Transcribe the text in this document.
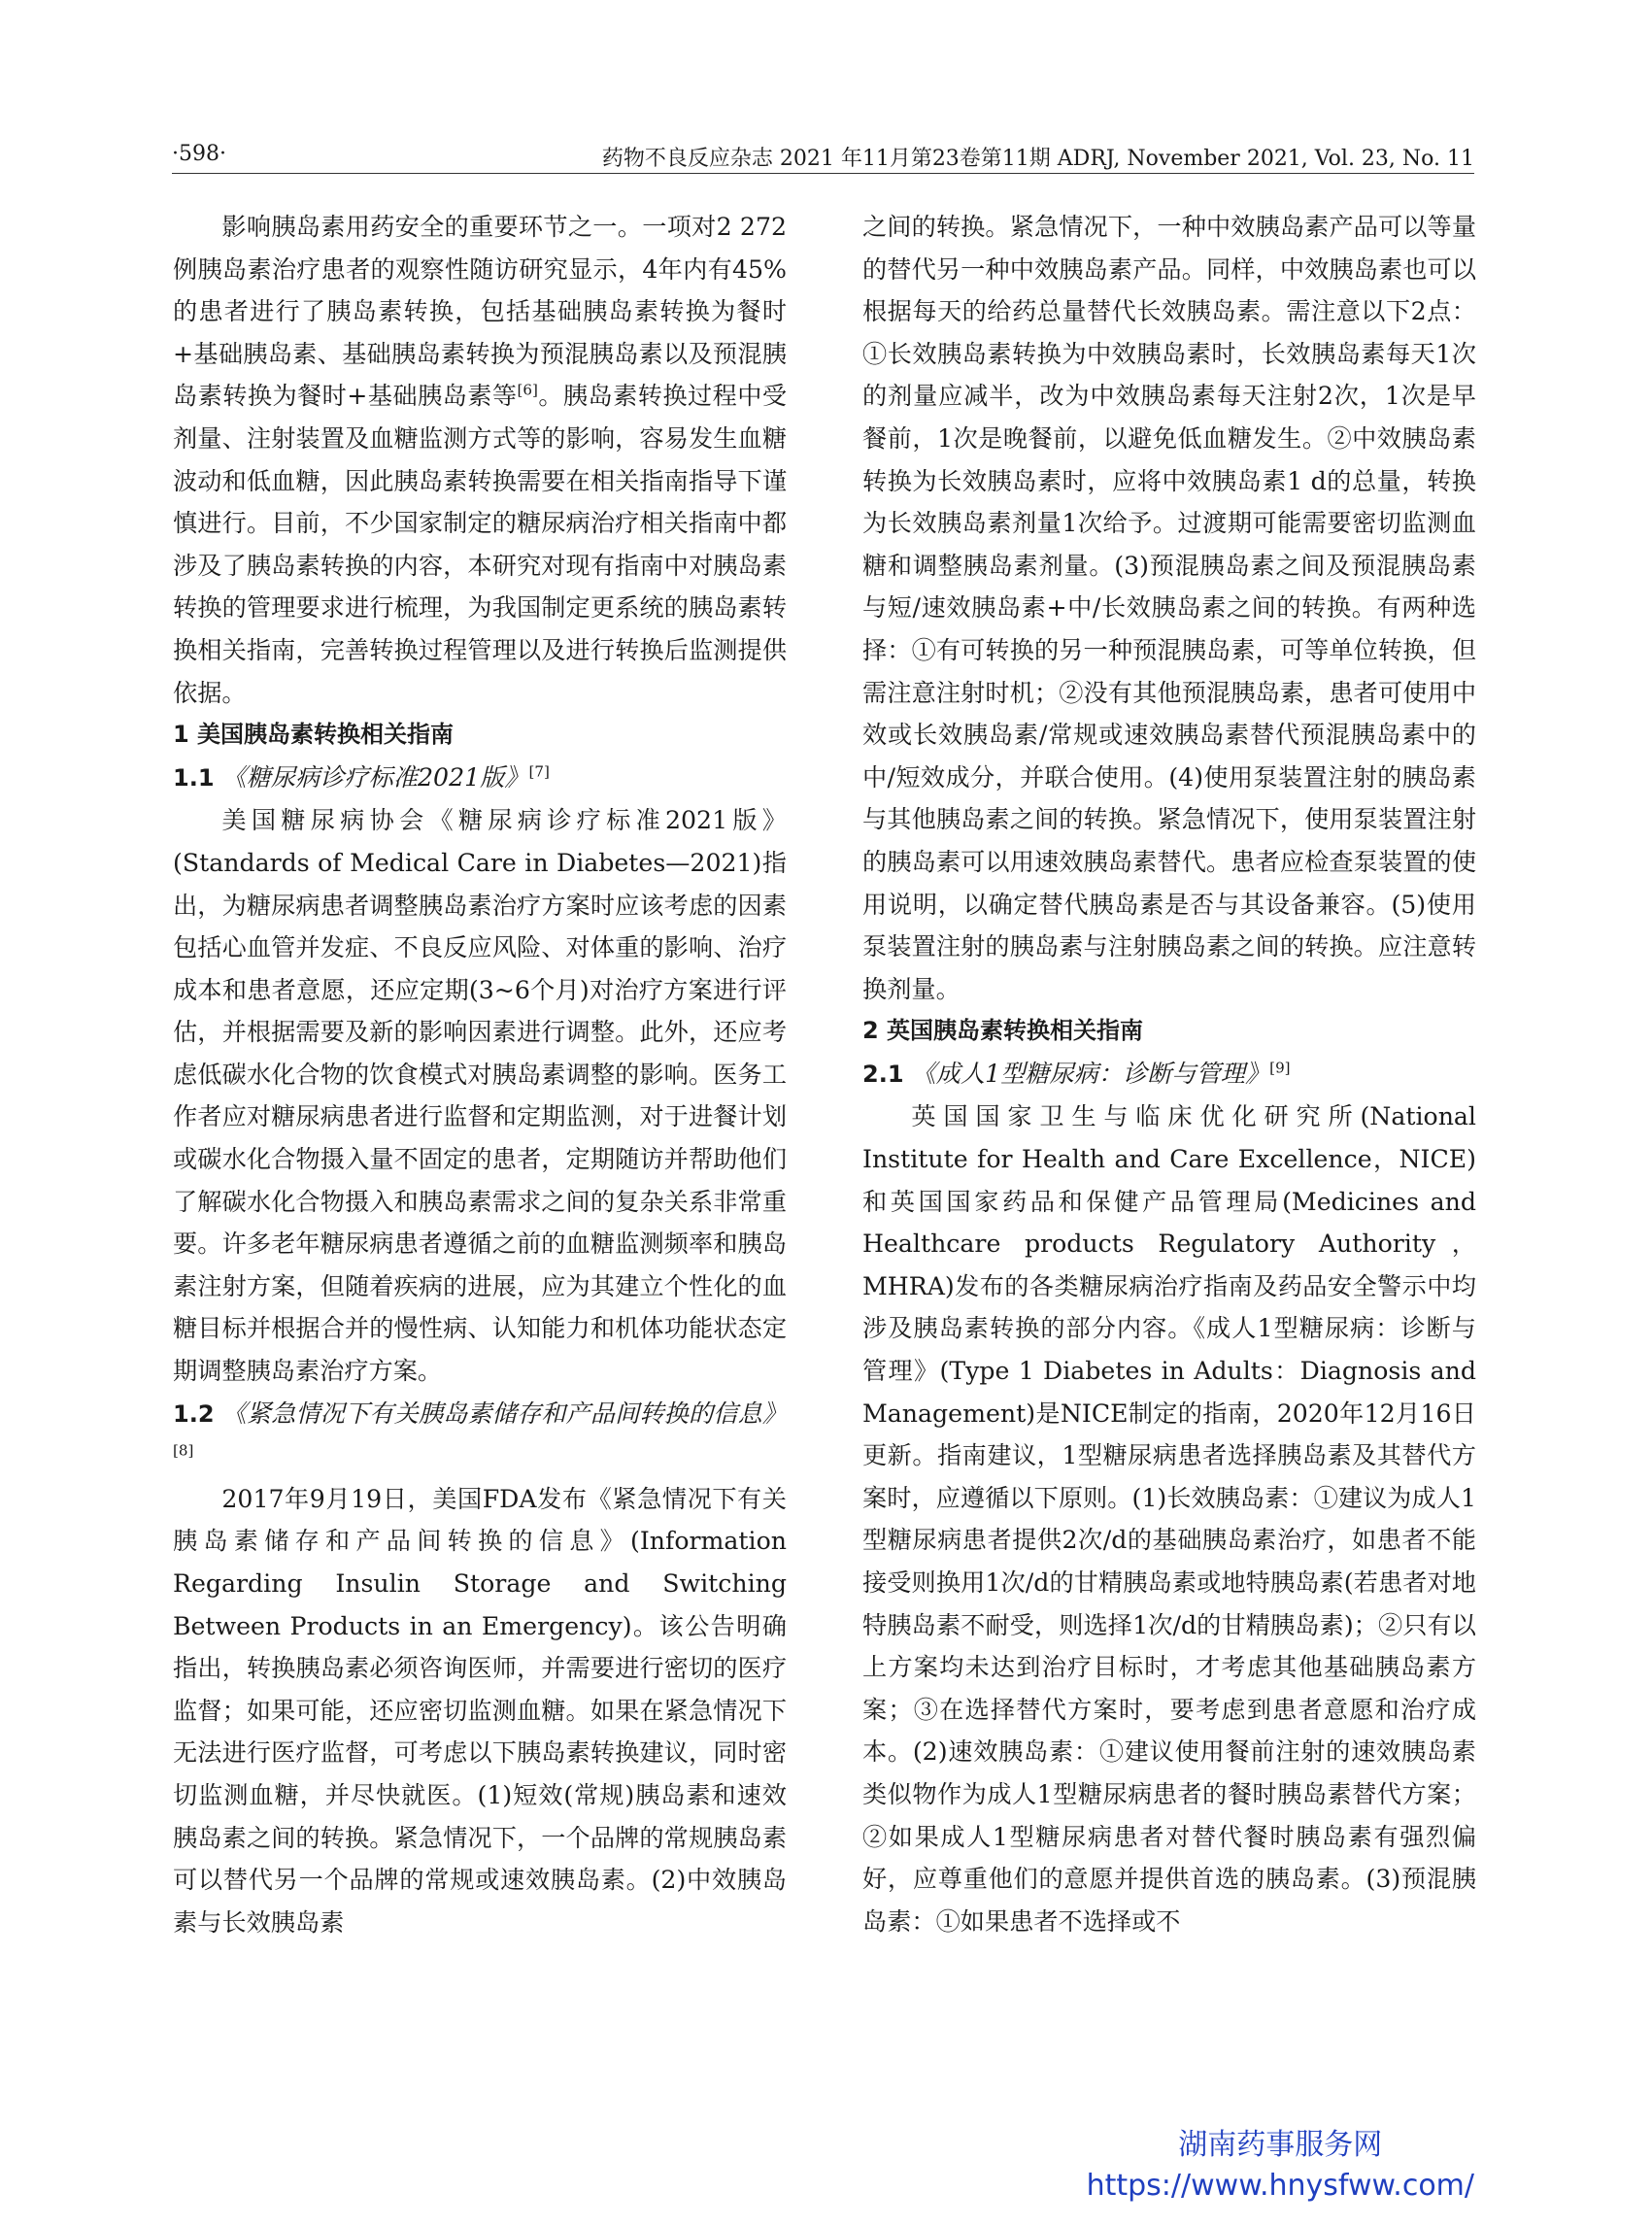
·598·	药物不良反应杂志 2021 年11月第23卷第11期 ADRJ, November 2021, Vol. 23, No. 11

影响胰岛素用药安全的重要环节之一。一项对2 272例胰岛素治疗患者的观察性随访研究显示，4年内有45%的患者进行了胰岛素转换，包括基础胰岛素转换为餐时+基础胰岛素、基础胰岛素转换为预混胰岛素以及预混胰岛素转换为餐时+基础胰岛素等[6]。胰岛素转换过程中受剂量、注射装置及血糖监测方式等的影响，容易发生血糖波动和低血糖，因此胰岛素转换需要在相关指南指导下谨慎进行。目前，不少国家制定的糖尿病治疗相关指南中都涉及了胰岛素转换的内容，本研究对现有指南中对胰岛素转换的管理要求进行梳理，为我国制定更系统的胰岛素转换相关指南，完善转换过程管理以及进行转换后监测提供依据。

1 美国胰岛素转换相关指南

1.1 《糖尿病诊疗标准2021版》[7]

美国糖尿病协会《糖尿病诊疗标准2021版》(Standards of Medical Care in Diabetes—2021)指出，为糖尿病患者调整胰岛素治疗方案时应该考虑的因素包括心血管并发症、不良反应风险、对体重的影响、治疗成本和患者意愿，还应定期(3~6个月)对治疗方案进行评估，并根据需要及新的影响因素进行调整。此外，还应考虑低碳水化合物的饮食模式对胰岛素调整的影响。医务工作者应对糖尿病患者进行监督和定期监测，对于进餐计划或碳水化合物摄入量不固定的患者，定期随访并帮助他们了解碳水化合物摄入和胰岛素需求之间的复杂关系非常重要。许多老年糖尿病患者遵循之前的血糖监测频率和胰岛素注射方案，但随着疾病的进展，应为其建立个性化的血糖目标并根据合并的慢性病、认知能力和机体功能状态定期调整胰岛素治疗方案。

1.2 《紧急情况下有关胰岛素储存和产品间转换的信息》[8]

2017年9月19日，美国FDA发布《紧急情况下有关胰岛素储存和产品间转换的信息》(Information Regarding Insulin Storage and Switching Between Products in an Emergency)。该公告明确指出，转换胰岛素必须咨询医师，并需要进行密切的医疗监督；如果可能，还应密切监测血糖。如果在紧急情况下无法进行医疗监督，可考虑以下胰岛素转换建议，同时密切监测血糖，并尽快就医。(1)短效(常规)胰岛素和速效胰岛素之间的转换。紧急情况下，一个品牌的常规胰岛素可以替代另一个品牌的常规或速效胰岛素。(2)中效胰岛素与长效胰岛素

之间的转换。紧急情况下，一种中效胰岛素产品可以等量的替代另一种中效胰岛素产品。同样，中效胰岛素也可以根据每天的给药总量替代长效胰岛素。需注意以下2点：①长效胰岛素转换为中效胰岛素时，长效胰岛素每天1次的剂量应减半，改为中效胰岛素每天注射2次，1次是早餐前，1次是晚餐前，以避免低血糖发生。②中效胰岛素转换为长效胰岛素时，应将中效胰岛素1 d的总量，转换为长效胰岛素剂量1次给予。过渡期可能需要密切监测血糖和调整胰岛素剂量。(3)预混胰岛素之间及预混胰岛素与短/速效胰岛素+中/长效胰岛素之间的转换。有两种选择：①有可转换的另一种预混胰岛素，可等单位转换，但需注意注射时机；②没有其他预混胰岛素，患者可使用中效或长效胰岛素/常规或速效胰岛素替代预混胰岛素中的中/短效成分，并联合使用。(4)使用泵装置注射的胰岛素与其他胰岛素之间的转换。紧急情况下，使用泵装置注射的胰岛素可以用速效胰岛素替代。患者应检查泵装置的使用说明，以确定替代胰岛素是否与其设备兼容。(5)使用泵装置注射的胰岛素与注射胰岛素之间的转换。应注意转换剂量。

2 英国胰岛素转换相关指南

2.1 《成人1型糖尿病：诊断与管理》[9]

英国国家卫生与临床优化研究所(National Institute for Health and Care Excellence，NICE)和英国国家药品和保健产品管理局(Medicines and Healthcare products Regulatory Authority，MHRA)发布的各类糖尿病治疗指南及药品安全警示中均涉及胰岛素转换的部分内容。《成人1型糖尿病：诊断与管理》(Type 1 Diabetes in Adults：Diagnosis and Management)是NICE制定的指南，2020年12月16日更新。指南建议，1型糖尿病患者选择胰岛素及其替代方案时，应遵循以下原则。(1)长效胰岛素：①建议为成人1型糖尿病患者提供2次/d的基础胰岛素治疗，如患者不能接受则换用1次/d的甘精胰岛素或地特胰岛素(若患者对地特胰岛素不耐受，则选择1次/d的甘精胰岛素)；②只有以上方案均未达到治疗目标时，才考虑其他基础胰岛素方案；③在选择替代方案时，要考虑到患者意愿和治疗成本。(2)速效胰岛素：①建议使用餐前注射的速效胰岛素类似物作为成人1型糖尿病患者的餐时胰岛素替代方案；②如果成人1型糖尿病患者对替代餐时胰岛素有强烈偏好，应尊重他们的意愿并提供首选的胰岛素。(3)预混胰岛素：①如果患者不选择或不

湖南药事服务网
https://www.hnysfww.com/
